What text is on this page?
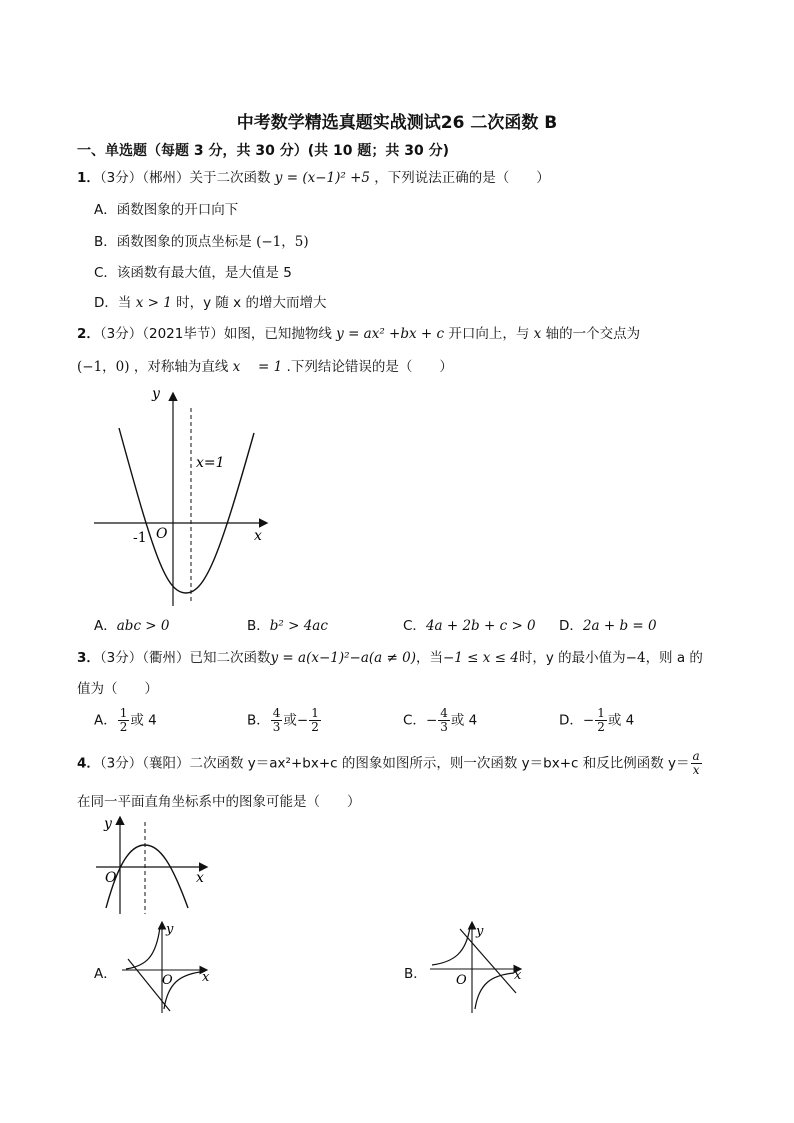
中考数学精选真题实战测试26 二次函数 B
一、单选题（每题 3 分，共 30 分）(共 10 题；共 30 分)
1．（3分）（郴州）关于二次函数 y = (x−1)² +5 ，下列说法正确的是（　　）
A．函数图象的开口向下
B．函数图象的顶点坐标是 (−1，5)
C．该函数有最大值，是大值是 5
D．当 x > 1 时，y 随 x 的增大而增大
2．（3分）（2021毕节）如图，已知抛物线 y = ax² +bx + c 开口向上，与 x 轴的一个交点为
(−1，0) ，对称轴为直线 x　 = 1 .下列结论错误的是（　　）
y
x
O
-1
x=1
A．abc > 0	B．b² > 4ac	C．4a + 2b + c > 0 D．2a + b = 0
3．（3分）（衢州）已知二次函数y = a(x−1)²−a(a ≠ 0)，当−1 ≤ x ≤ 4时，y 的最小值为−4，则 a 的
值为（　　）
A． $\frac{1}{2}$ 或 4	B． $\frac{4}{3}$ 或− $\frac{1}{2}$	C．− $\frac{4}{3}$ 或 4	D．− $\frac{1}{2}$ 或 4
4．（3分）（襄阳）二次函数 y＝ax²+bx+c 的图象如图所示，则一次函数 y＝bx+c 和反比例函数 $y= \frac{a}{x}$
在同一平面直角坐标系中的图象可能是（　　）
y
x
O
A．
y
x
O	B．
y
x
O
